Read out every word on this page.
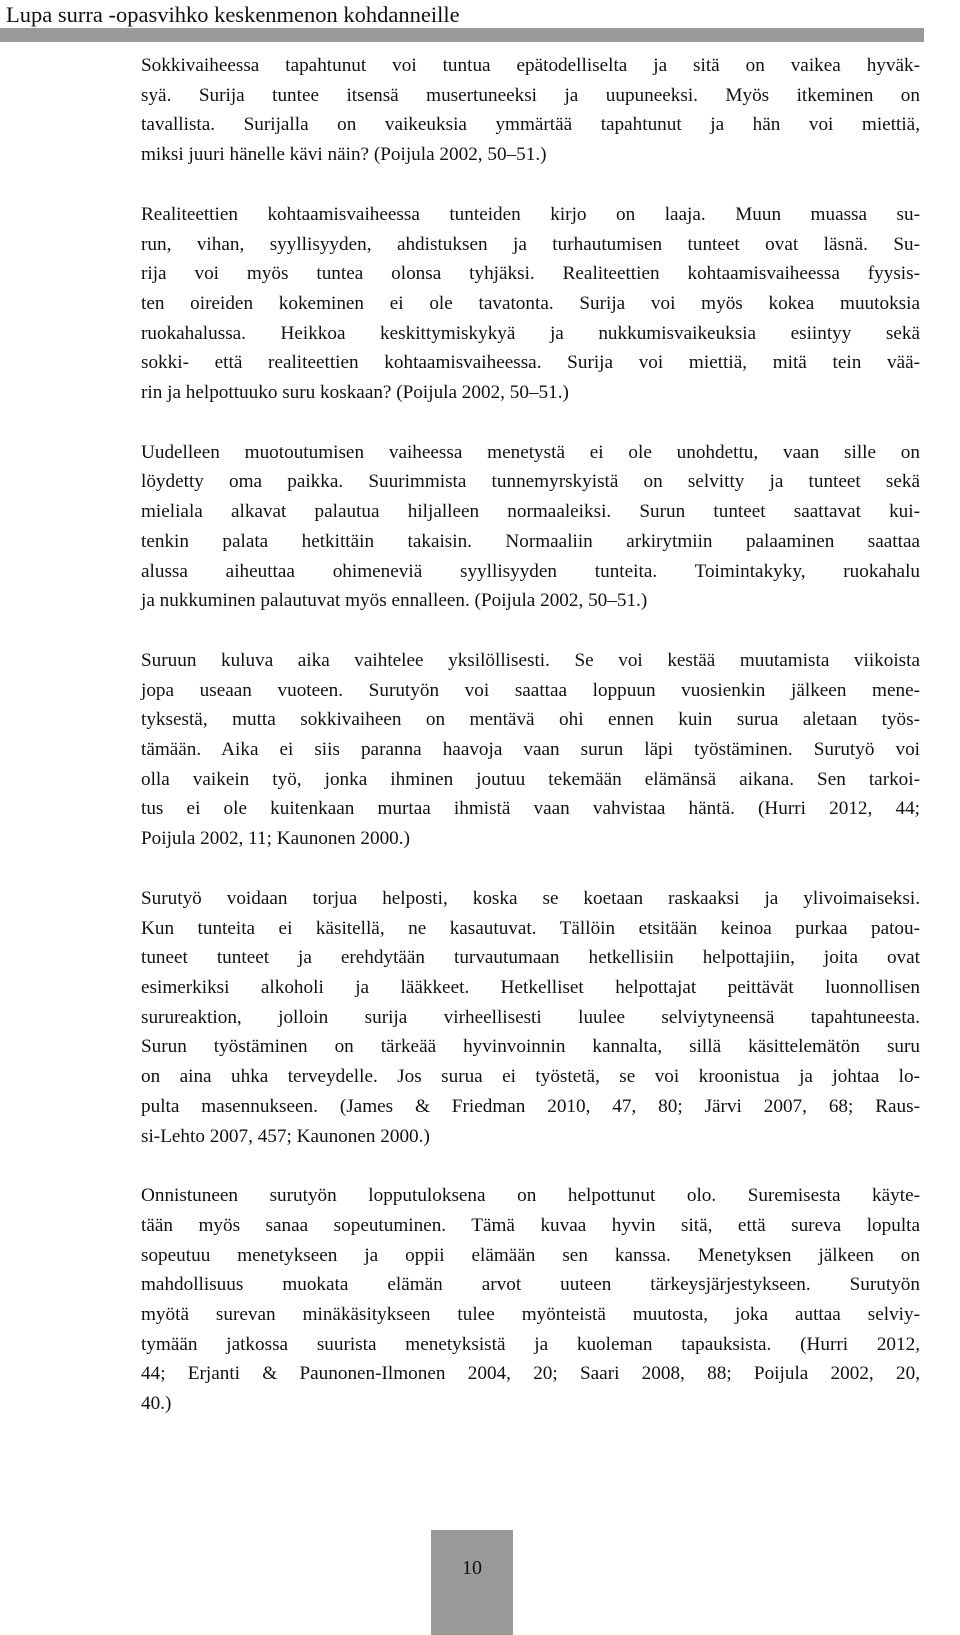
Lupa surra -opasvihko keskenmenon kohdanneille

Sokkivaiheessa tapahtunut voi tuntua epätodelliselta ja sitä on vaikea hyväk-
syä. Surija tuntee itsensä musertuneeksi ja uupuneeksi. Myös itkeminen on
tavallista. Surijalla on vaikeuksia ymmärtää tapahtunut ja hän voi miettiä,
miksi juuri hänelle kävi näin? (Poijula 2002, 50–51.)

Realiteettien kohtaamisvaiheessa tunteiden kirjo on laaja. Muun muassa su-
run, vihan, syyllisyyden, ahdistuksen ja turhautumisen tunteet ovat läsnä. Su-
rija voi myös tuntea olonsa tyhjäksi. Realiteettien kohtaamisvaiheessa fyysis-
ten oireiden kokeminen ei ole tavatonta. Surija voi myös kokea muutoksia
ruokahalussa. Heikkoa keskittymiskykyä ja nukkumisvaikeuksia esiintyy sekä
sokki- että realiteettien kohtaamisvaiheessa. Surija voi miettiä, mitä tein vää-
rin ja helpottuuko suru koskaan? (Poijula 2002, 50–51.)

Uudelleen muotoutumisen vaiheessa menetystä ei ole unohdettu, vaan sille on
löydetty oma paikka. Suurimmista tunnemyrskyistä on selvitty ja tunteet sekä
mieliala alkavat palautua hiljalleen normaaleiksi. Surun tunteet saattavat kui-
tenkin palata hetkittäin takaisin. Normaaliin arkirytmiin palaaminen saattaa
alussa aiheuttaa ohimeneviä syyllisyyden tunteita. Toimintakyky, ruokahalu
ja nukkuminen palautuvat myös ennalleen. (Poijula 2002, 50–51.)

Suruun kuluva aika vaihtelee yksilöllisesti. Se voi kestää muutamista viikoista
jopa useaan vuoteen. Surutyön voi saattaa loppuun vuosienkin jälkeen mene-
tyksestä, mutta sokkivaiheen on mentävä ohi ennen kuin surua aletaan työs-
tämään. Aika ei siis paranna haavoja vaan surun läpi työstäminen. Surutyö voi
olla vaikein työ, jonka ihminen joutuu tekemään elämänsä aikana. Sen tarkoi-
tus ei ole kuitenkaan murtaa ihmistä vaan vahvistaa häntä. (Hurri 2012, 44;
Poijula 2002, 11; Kaunonen 2000.)

Surutyö voidaan torjua helposti, koska se koetaan raskaaksi ja ylivoimaiseksi.
Kun tunteita ei käsitellä, ne kasautuvat. Tällöin etsitään keinoa purkaa patou-
tuneet tunteet ja erehdytään turvautumaan hetkellisiin helpottajiin, joita ovat
esimerkiksi alkoholi ja lääkkeet. Hetkelliset helpottajat peittävät luonnollisen
surureaktion, jolloin surija virheellisesti luulee selviytyneensä tapahtuneesta.
Surun työstäminen on tärkeää hyvinvoinnin kannalta, sillä käsittelemätön suru
on aina uhka terveydelle. Jos surua ei työstetä, se voi kroonistua ja johtaa lo-
pulta masennukseen. (James & Friedman 2010, 47, 80; Järvi 2007, 68; Raus-
si-Lehto 2007, 457; Kaunonen 2000.)

Onnistuneen surutyön lopputuloksena on helpottunut olo. Suremisesta käyte-
tään myös sanaa sopeutuminen. Tämä kuvaa hyvin sitä, että sureva lopulta
sopeutuu menetykseen ja oppii elämään sen kanssa. Menetyksen jälkeen on
mahdollisuus muokata elämän arvot uuteen tärkeysjärjestykseen. Surutyön
myötä surevan minäkäsitykseen tulee myönteistä muutosta, joka auttaa selviy-
tymään jatkossa suurista menetyksistä ja kuoleman tapauksista. (Hurri 2012,
44; Erjanti & Paunonen-Ilmonen 2004, 20; Saari 2008, 88; Poijula 2002, 20,
40.)

10
